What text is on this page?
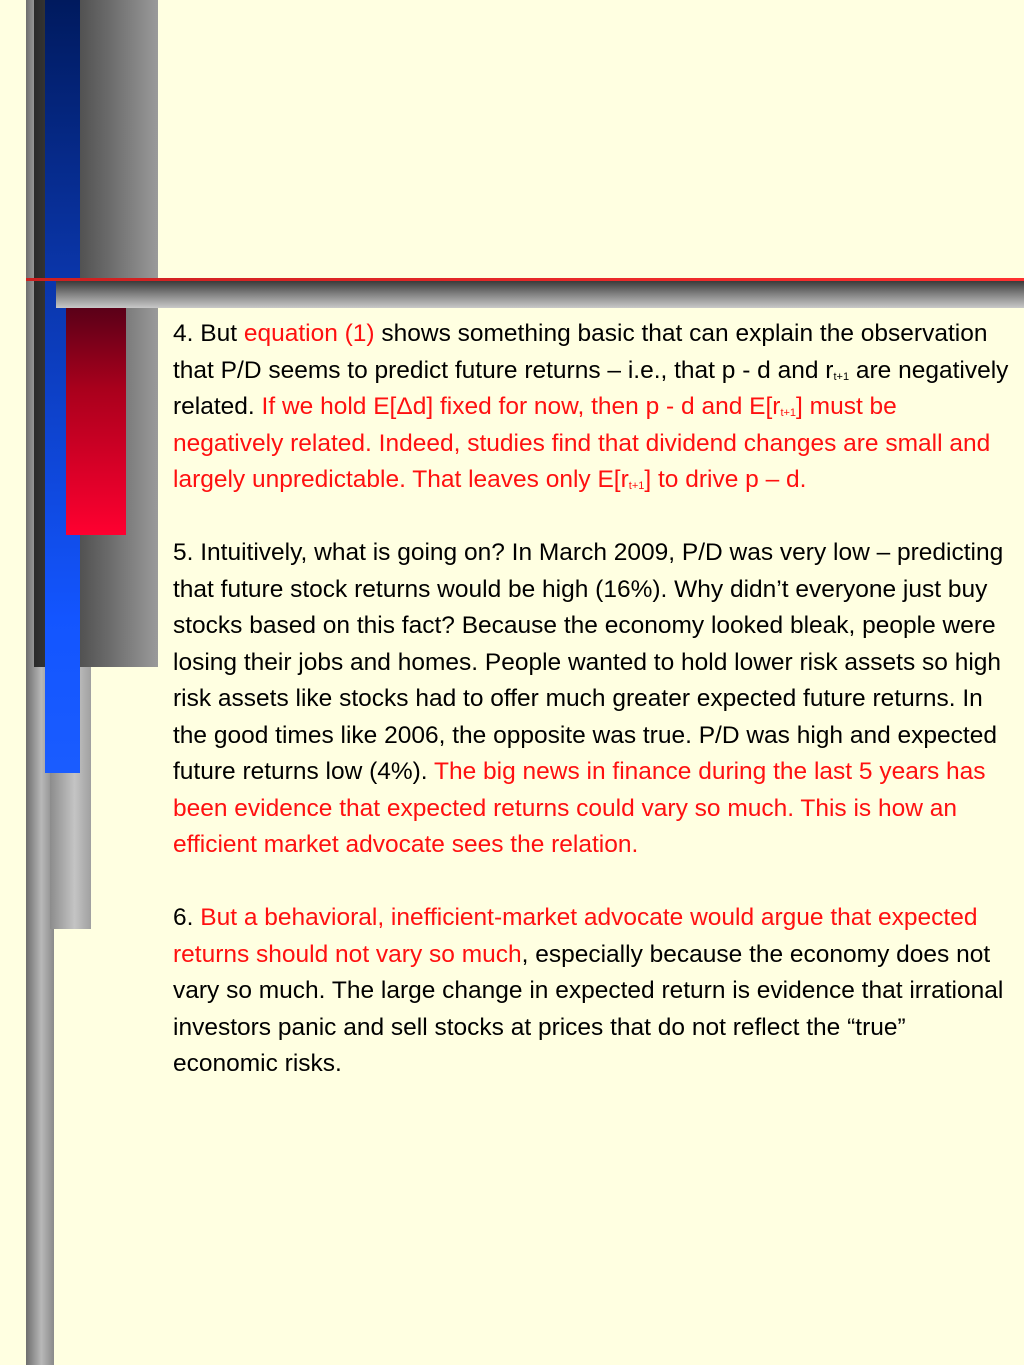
4. But equation (1) shows something basic that can explain the observation that P/D seems to predict future returns – i.e., that p - d and $r_{t+1}$ are negatively related. If we hold E[Δd] fixed for now, then p - d and $E[r_{t+1}]$ must be negatively related. Indeed, studies find that dividend changes are small and largely unpredictable. That leaves only $E[r_{t+1}]$ to drive p – d.

5. Intuitively, what is going on? In March 2009, P/D was very low – predicting that future stock returns would be high (16%). Why didn’t everyone just buy stocks based on this fact? Because the economy looked bleak, people were losing their jobs and homes. People wanted to hold lower risk assets so high risk assets like stocks had to offer much greater expected future returns. In the good times like 2006, the opposite was true. P/D was high and expected future returns low (4%). The big news in finance during the last 5 years has been evidence that expected returns could vary so much. This is how an efficient market advocate sees the relation.

6. But a behavioral, inefficient-market advocate would argue that expected returns should not vary so much, especially because the economy does not vary so much. The large change in expected return is evidence that irrational investors panic and sell stocks at prices that do not reflect the “true” economic risks.
